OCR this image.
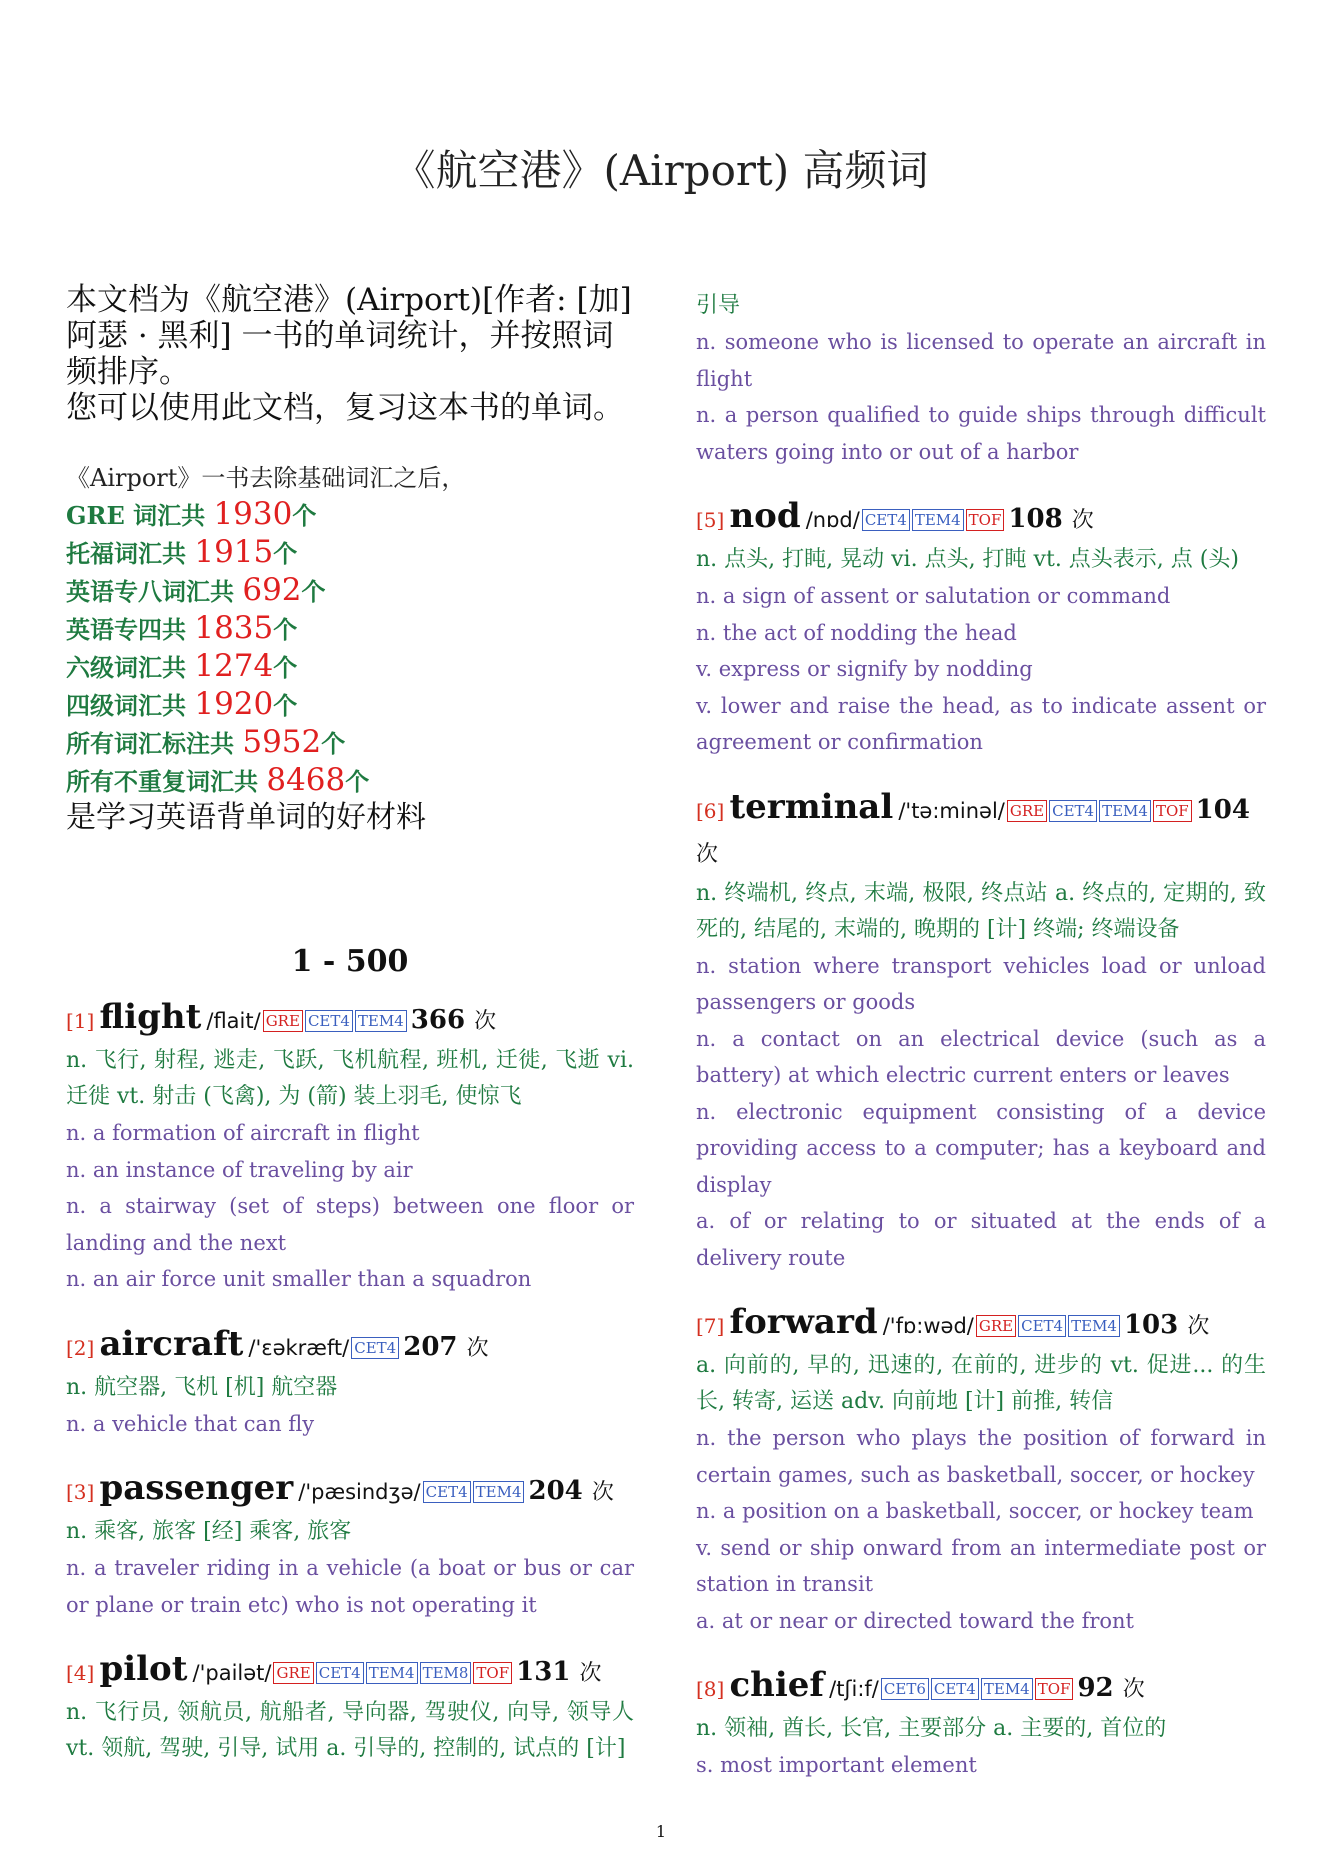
《航空港》(Airport) 高频词

本文档为《航空港》(Airport)[作者: [加] 阿瑟 · 黑利] 一书的单词统计，并按照词频排序。

您可以使用此文档，复习这本书的单词。

《Airport》一书去除基础词汇之后，
GRE 词汇共 1930个
托福词汇共 1915个
英语专八词汇共 692个
英语专四共 1835个
六级词汇共 1274个
四级词汇共 1920个
所有词汇标注共 5952个
所有不重复词汇共 8468个
是学习英语背单词的好材料
1 - 500
[1] flight /flait/ GRE CET4 TEM4 366 次

n. 飞行, 射程, 逃走, 飞跃, 飞机航程, 班机, 迁徙, 飞逝 vi. 迁徙 vt. 射击 (飞禽), 为 (箭) 装上羽毛, 使惊飞

n. a formation of aircraft in flight

n. an instance of traveling by air

n. a stairway (set of steps) between one floor or landing and the next

n. an air force unit smaller than a squadron

[2] aircraft /'ɛəkræft/ CET4 207 次

n. 航空器, 飞机 [机] 航空器

n. a vehicle that can fly

[3] passenger /'pæsindʒə/ CET4 TEM4 204 次

n. 乘客, 旅客 [经] 乘客, 旅客

n. a traveler riding in a vehicle (a boat or bus or car or plane or train etc) who is not operating it

[4] pilot /'pailət/ GRE CET4 TEM4 TEM8 TOF 131 次

n. 飞行员, 领航员, 航船者, 导向器, 驾驶仪, 向导, 领导人 vt. 领航, 驾驶, 引导, 试用 a. 引导的, 控制的, 试点的 [计]

引导

n. someone who is licensed to operate an aircraft in flight

n. a person qualified to guide ships through difficult waters going into or out of a harbor

[5] nod /nɒd/ CET4 TEM4 TOF 108 次

n. 点头, 打盹, 晃动 vi. 点头, 打盹 vt. 点头表示, 点 (头)

n. a sign of assent or salutation or command

n. the act of nodding the head

v. express or signify by nodding

v. lower and raise the head, as to indicate assent or agreement or confirmation

[6] terminal /'tə:minəl/ GRE CET4 TEM4 TOF 104 次

n. 终端机, 终点, 末端, 极限, 终点站 a. 终点的, 定期的, 致死的, 结尾的, 末端的, 晚期的 [计] 终端; 终端设备

n. station where transport vehicles load or unload passengers or goods

n. a contact on an electrical device (such as a battery) at which electric current enters or leaves

n. electronic equipment consisting of a device providing access to a computer; has a keyboard and display

a. of or relating to or situated at the ends of a delivery route

[7] forward /'fɒ:wəd/ GRE CET4 TEM4 103 次

a. 向前的, 早的, 迅速的, 在前的, 进步的 vt. 促进... 的生长, 转寄, 运送 adv. 向前地 [计] 前推, 转信

n. the person who plays the position of forward in certain games, such as basketball, soccer, or hockey

n. a position on a basketball, soccer, or hockey team

v. send or ship onward from an intermediate post or station in transit

a. at or near or directed toward the front

[8] chief /tʃi:f/ CET6 CET4 TEM4 TOF 92 次

n. 领袖, 酋长, 长官, 主要部分 a. 主要的, 首位的

s. most important element

1
